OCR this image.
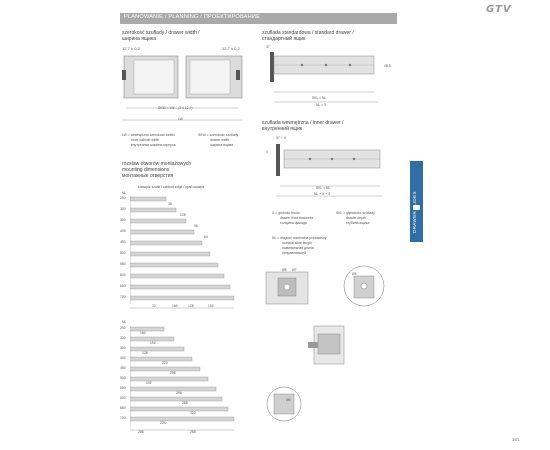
GTV
PLANOWANIE / PLANNING / ПРОЕКТИРОВАНИЕ
szerokość szuflady / drawer width /
ширина ящика
12,7 ± 0,2	12,7 ± 0,2
SKW = LW – (2 x 12,7)
LW
LW = wewnętrzna szerokość szafki
inner cabinet width
внутренняя ширина корпуса
SKW = szerokość szuflady
drawer width
ширина ящика
szuflada standardowa / standard drawer /
стандартный ящик
37
45,5
SKL ≈ NL
NL = 3
szuflada wewnętrzna / inner drawer /
внутренний ящик
37 + X
X
SKL ≈ NL
NL + X + 3
X = grubość frontu
drawer front thickness
толщина фасада
SKL = głębokość szuflady
drawer depth
глубина ящика
NL = długość nominalna prowadnicy
nominal slide length
номинальная длина
направляющей
DRAWER SLIDES
rozstaw otworów montażowych
mounting dimensions
монтажные отверстия
krawędź szafki / cabinet edge / край шкафа
NL
250
300
350
400
450
500
550
600
650
700
35
128
96
64
32	160	128	192
NL
250
300
350
400
450
500
550
600
650
700
160
192
128
224
256
192
256
288
320
224
288	288
Ø5 Ø7
Ø5
Ø6
161
